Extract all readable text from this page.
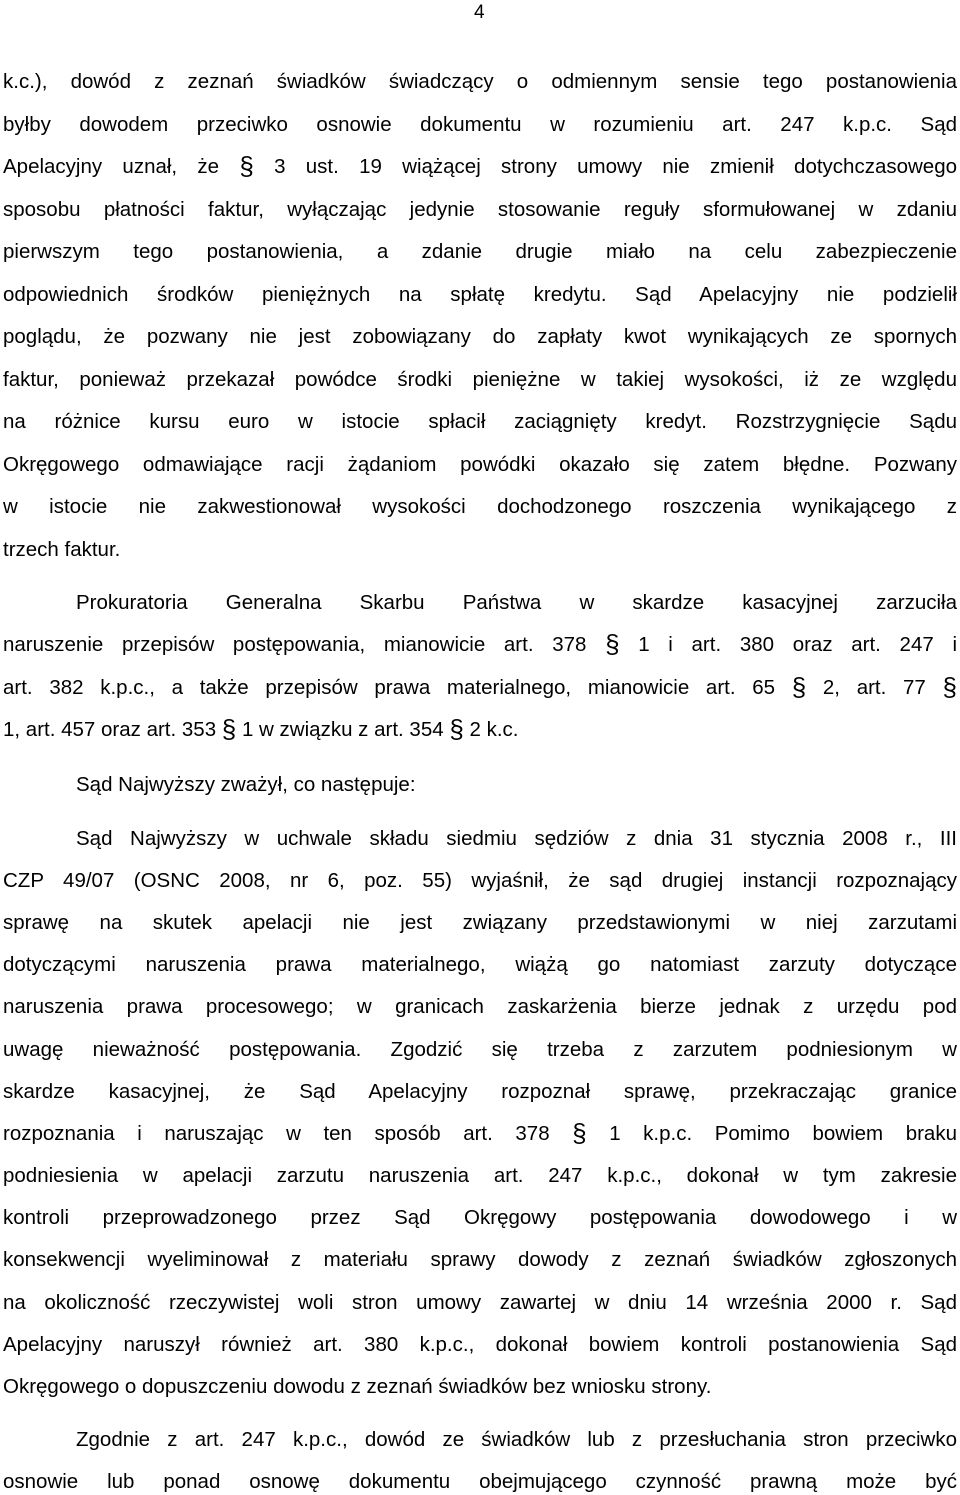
4
k.c.), dowód z zeznań świadków świadczący o odmiennym sensie tego postanowienia
byłby dowodem przeciwko osnowie dokumentu w rozumieniu art. 247 k.p.c. Sąd
Apelacyjny uznał, że § 3 ust. 19 wiążącej strony umowy nie zmienił dotychczasowego
sposobu płatności faktur, wyłączając jedynie stosowanie reguły sformułowanej w zdaniu
pierwszym tego postanowienia, a zdanie drugie miało na celu zabezpieczenie
odpowiednich środków pieniężnych na spłatę kredytu. Sąd Apelacyjny nie podzielił
poglądu, że pozwany nie jest zobowiązany do zapłaty kwot wynikających ze spornych
faktur, ponieważ przekazał powódce środki pieniężne w takiej wysokości, iż ze względu
na różnice kursu euro w istocie spłacił zaciągnięty kredyt. Rozstrzygnięcie Sądu
Okręgowego odmawiające racji żądaniom powódki okazało się zatem błędne. Pozwany
w istocie nie zakwestionował wysokości dochodzonego roszczenia wynikającego z
trzech faktur.
Prokuratoria Generalna Skarbu Państwa w skardze kasacyjnej zarzuciła
naruszenie przepisów postępowania, mianowicie art. 378 § 1 i art. 380 oraz art. 247 i
art. 382 k.p.c., a także przepisów prawa materialnego, mianowicie art. 65 § 2, art. 77 §
1, art. 457 oraz art. 353 § 1 w związku z art. 354 § 2 k.c.
Sąd Najwyższy zważył, co następuje:
Sąd Najwyższy w uchwale składu siedmiu sędziów z dnia 31 stycznia 2008 r., III
CZP 49/07 (OSNC 2008, nr 6, poz. 55) wyjaśnił, że sąd drugiej instancji rozpoznający
sprawę na skutek apelacji nie jest związany przedstawionymi w niej zarzutami
dotyczącymi naruszenia prawa materialnego, wiążą go natomiast zarzuty dotyczące
naruszenia prawa procesowego; w granicach zaskarżenia bierze jednak z urzędu pod
uwagę nieważność postępowania. Zgodzić się trzeba z zarzutem podniesionym w
skardze kasacyjnej, że Sąd Apelacyjny rozpoznał sprawę, przekraczając granice
rozpoznania i naruszając w ten sposób art. 378 § 1 k.p.c. Pomimo bowiem braku
podniesienia w apelacji zarzutu naruszenia art. 247 k.p.c., dokonał w tym zakresie
kontroli przeprowadzonego przez Sąd Okręgowy postępowania dowodowego i w
konsekwencji wyeliminował z materiału sprawy dowody z zeznań świadków zgłoszonych
na okoliczność rzeczywistej woli stron umowy zawartej w dniu 14 września 2000 r. Sąd
Apelacyjny naruszył również art. 380 k.p.c., dokonał bowiem kontroli postanowienia Sąd
Okręgowego o dopuszczeniu dowodu z zeznań świadków bez wniosku strony.
Zgodnie z art. 247 k.p.c., dowód ze świadków lub z przesłuchania stron przeciwko
osnowie lub ponad osnowę dokumentu obejmującego czynność prawną może być
